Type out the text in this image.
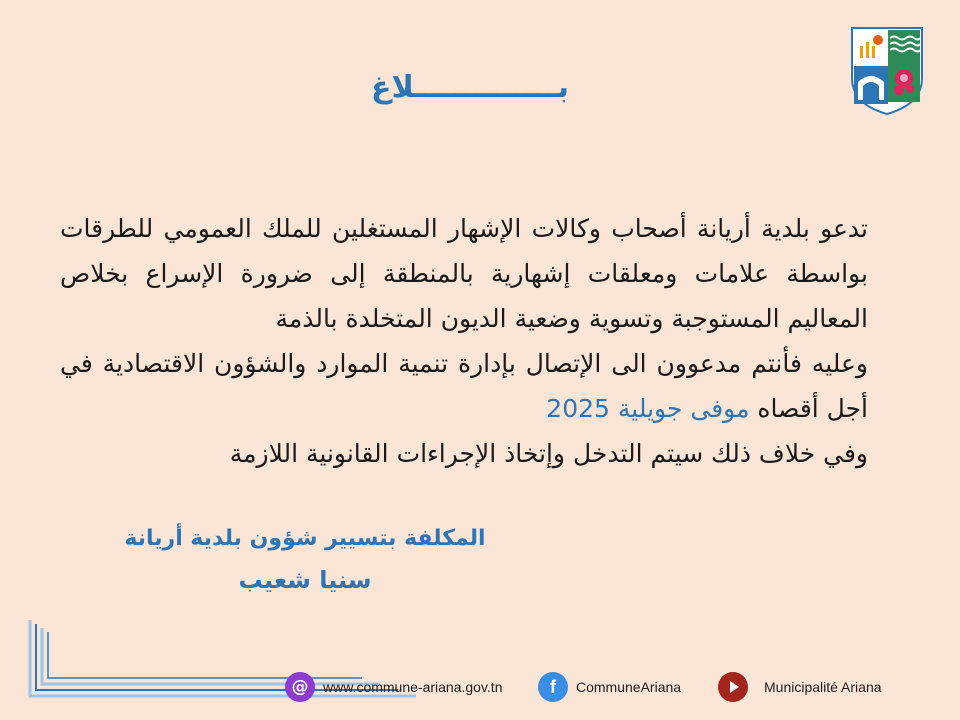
بــــــــــــــلاغ

تدعو بلدية أريانة أصحاب وكالات الإشهار المستغلين للملك العمومي للطرقات بواسطة علامات ومعلقات إشهارية بالمنطقة إلى ضرورة الإسراع بخلاص المعاليم المستوجبة وتسوية وضعية الديون المتخلدة بالذمة

وعليه فأنتم مدعوون الى الإتصال بإدارة تنمية الموارد والشؤون الاقتصادية في أجل أقصاه موفى جويلية 2025

وفي خلاف ذلك سيتم التدخل وإتخاذ الإجراءات القانونية اللازمة

المكلفة بتسيير شؤون بلدية أريانة
سنيا شعيب
@	www.commune-ariana.gov.tn	f	CommuneAriana	Municipalité Ariana
